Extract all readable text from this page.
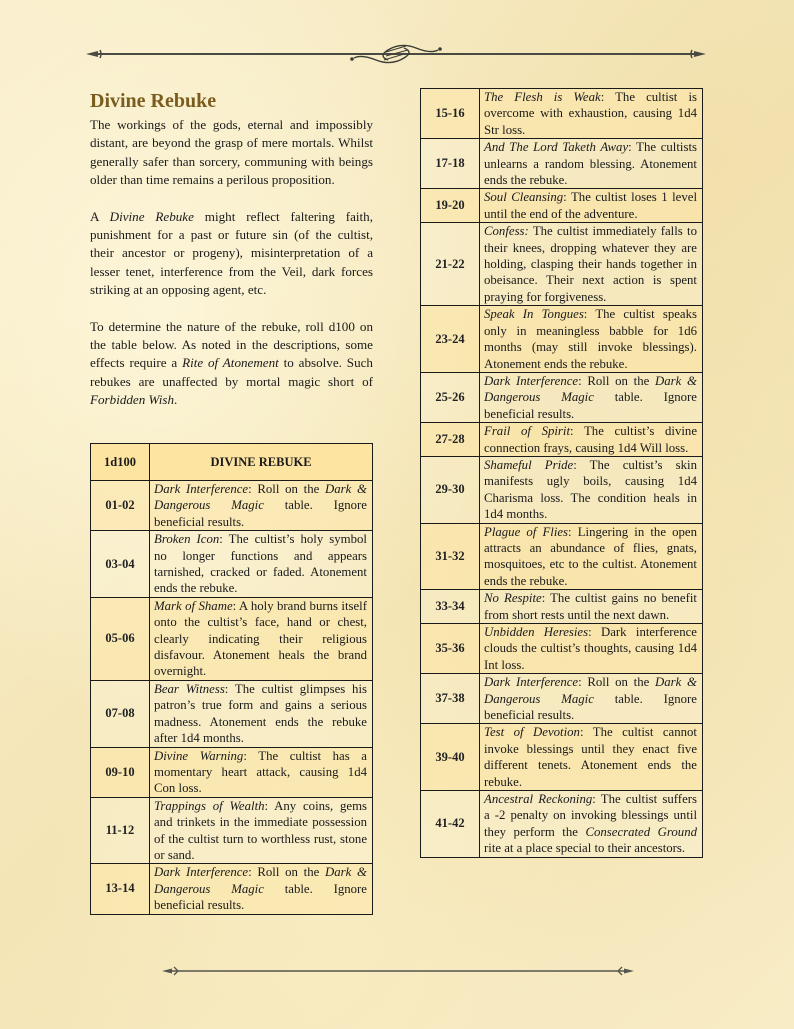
Divine Rebuke

The workings of the gods, eternal and impossibly distant, are beyond the grasp of mere mortals. Whilst generally safer than sorcery, communing with beings older than time remains a perilous proposition.

A Divine Rebuke might reflect faltering faith, punishment for a past or future sin (of the cultist, their ancestor or progeny), misinterpretation of a lesser tenet, interference from the Veil, dark forces striking at an opposing agent, etc.

To determine the nature of the rebuke, roll d100 on the table below. As noted in the descriptions, some effects require a Rite of Atonement to absolve. Such rebukes are unaffected by mortal magic short of Forbidden Wish.

1d100	DIVINE REBUKE
01-02	Dark Interference: Roll on the Dark & Dangerous Magic table. Ignore beneficial results.
03-04	Broken Icon: The cultist’s holy symbol no longer functions and appears tarnished, cracked or faded. Atonement ends the rebuke.
05-06	Mark of Shame: A holy brand burns itself onto the cultist’s face, hand or chest, clearly indicating their religious disfavour. Atonement heals the brand overnight.
07-08	Bear Witness: The cultist glimpses his patron’s true form and gains a serious madness. Atonement ends the rebuke after 1d4 months.
09-10	Divine Warning: The cultist has a momentary heart attack, causing 1d4 Con loss.
11-12	Trappings of Wealth: Any coins, gems and trinkets in the immediate possession of the cultist turn to worthless rust, stone or sand.
13-14	Dark Interference: Roll on the Dark & Dangerous Magic table. Ignore beneficial results.
15-16	The Flesh is Weak: The cultist is overcome with exhaustion, causing 1d4 Str loss.
17-18	And The Lord Taketh Away: The cultists unlearns a random blessing. Atonement ends the rebuke.
19-20	Soul Cleansing: The cultist loses 1 level until the end of the adventure.
21-22	Confess: The cultist immediately falls to their knees, dropping whatever they are holding, clasping their hands together in obeisance. Their next action is spent praying for forgiveness.
23-24	Speak In Tongues: The cultist speaks only in meaningless babble for 1d6 months (may still invoke blessings). Atonement ends the rebuke.
25-26	Dark Interference: Roll on the Dark & Dangerous Magic table. Ignore beneficial results.
27-28	Frail of Spirit: The cultist’s divine connection frays, causing 1d4 Will loss.
29-30	Shameful Pride: The cultist’s skin manifests ugly boils, causing 1d4 Charisma loss. The condition heals in 1d4 months.
31-32	Plague of Flies: Lingering in the open attracts an abundance of flies, gnats, mosquitoes, etc to the cultist. Atonement ends the rebuke.
33-34	No Respite: The cultist gains no benefit from short rests until the next dawn.
35-36	Unbidden Heresies: Dark interference clouds the cultist’s thoughts, causing 1d4 Int loss.
37-38	Dark Interference: Roll on the Dark & Dangerous Magic table. Ignore beneficial results.
39-40	Test of Devotion: The cultist cannot invoke blessings until they enact five different tenets. Atonement ends the rebuke.
41-42	Ancestral Reckoning: The cultist suffers a -2 penalty on invoking blessings until they perform the Consecrated Ground rite at a place special to their ancestors.
